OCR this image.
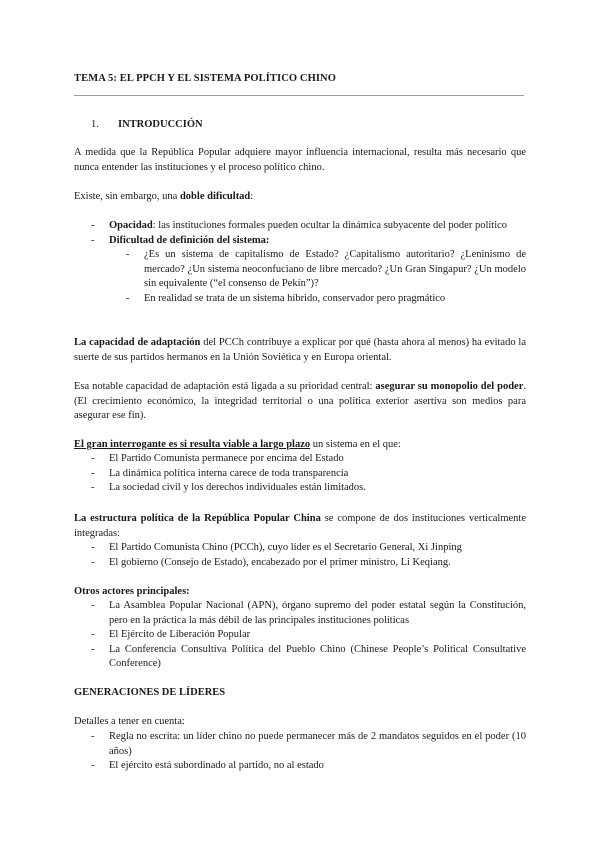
TEMA 5: EL PPCH Y EL SISTEMA POLÍTICO CHINO
1. INTRODUCCIÓN
A medida que la República Popular adquiere mayor influencia internacional, resulta más necesario que nunca entender las instituciones y el proceso político chino.
Existe, sin embargo, una doble dificultad:
- Opacidad: las instituciones formales pueden ocultar la dinámica subyacente del poder político
- Dificultad de definición del sistema:
- ¿Es un sistema de capitalismo de Estado? ¿Capitalismo autoritario? ¿Leninismo de mercado? ¿Un sistema neoconfuciano de libre mercado? ¿Un Gran Singapur? ¿Un modelo sin equivalente (“el consenso de Pekín”)?
- En realidad se trata de un sistema híbrido, conservador pero pragmático
La capacidad de adaptación del PCCh contribuye a explicar por qué (hasta ahora al menos) ha evitado la suerte de sus partidos hermanos en la Unión Soviética y en Europa oriental.
Esa notable capacidad de adaptación está ligada a su prioridad central: asegurar su monopolio del poder. (El crecimiento económico, la integridad territorial o una política exterior asertiva son medios para asegurar ese fin).
El gran interrogante es si resulta viable a largo plazo un sistema en el que:
- El Partido Comunista permanece por encima del Estado
- La dinámica política interna carece de toda transparencia
- La sociedad civil y los derechos individuales están limitados.
La estructura política de la República Popular China se compone de dos instituciones verticalmente integradas:
- El Partido Comunista Chino (PCCh), cuyo líder es el Secretario General, Xi Jinping
- El gobierno (Consejo de Estado), encabezado por el primer ministro, Li Keqiang.
Otros actores principales:
- La Asamblea Popular Nacional (APN), órgano supremo del poder estatal según la Constitución, pero en la práctica la más débil de las principales instituciones políticas
- El Ejército de Liberación Popular
- La Conferencia Consultiva Política del Pueblo Chino (Chinese People’s Political Consultative Conference)
GENERACIONES DE LÍDERES
Detalles a tener en cuenta:
- Regla no escrita: un líder chino no puede permanecer más de 2 mandatos seguidos en el poder (10 años)
- El ejército está subordinado al partido, no al estado
